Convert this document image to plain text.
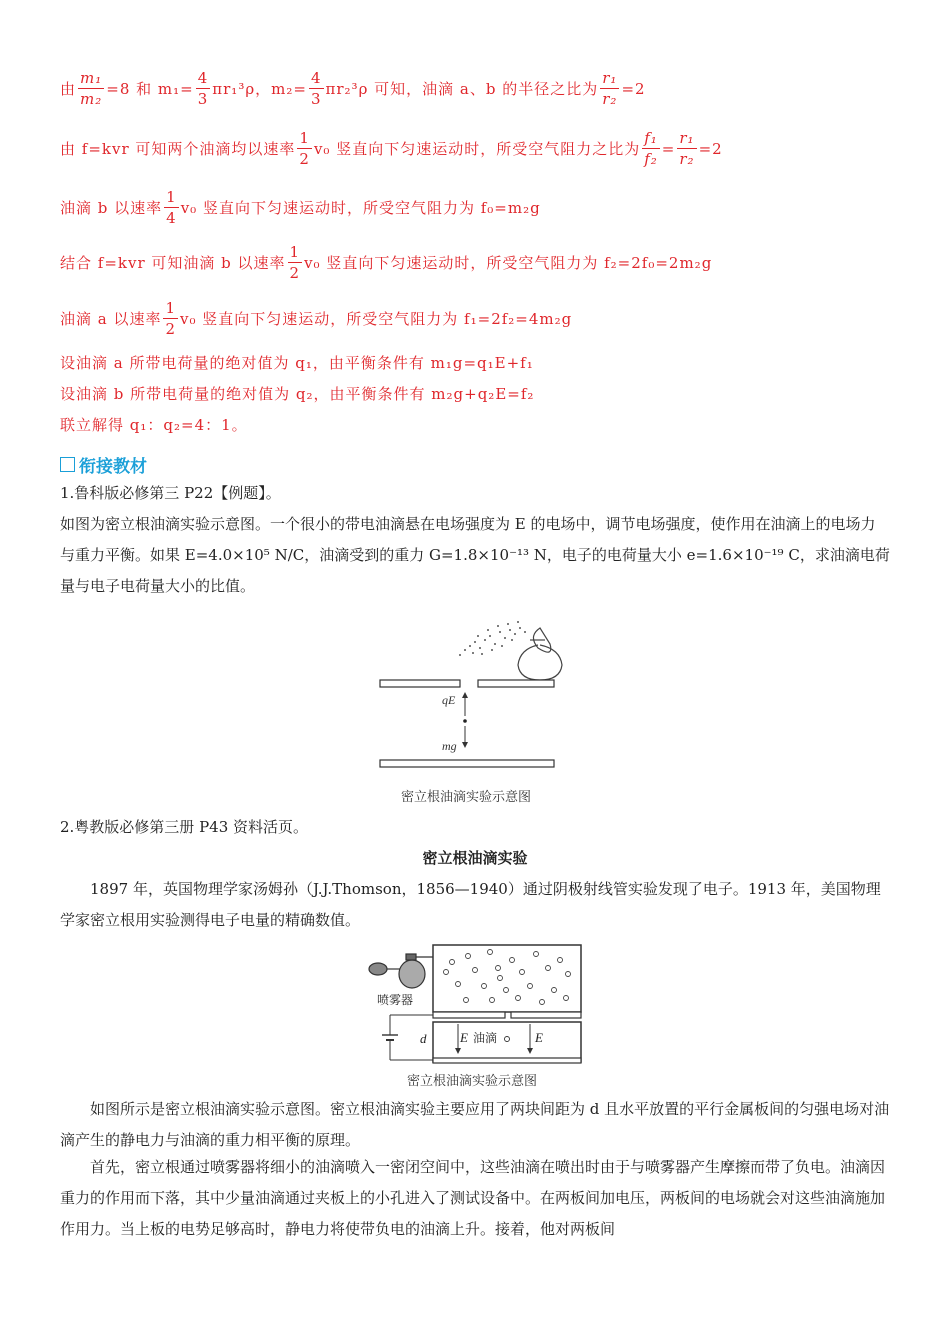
由 $\frac{\text{m₁}}{\text{m₂}} =8$ 和 $m_1= \frac{4}{3} \pi r_1^3\rho$，$m_2= \frac{4}{3} \pi r_2^3\rho$ 可知，油滴 a、b 的半径之比为 $\frac{\text{r₁}}{\text{r₂}} =2$
由 f=kvr 可知两个油滴均以速率 $\frac{1}{2} v_0$ 竖直向下匀速运动时，所受空气阻力之比为 $\frac{\text{f₁}}{\text{f₂}} = \frac{\text{r₁}}{\text{r₂}} =2$
油滴 b 以速率 $\frac{1}{4} v_0$ 竖直向下匀速运动时，所受空气阻力为 f₀=m₂g
结合 f=kvr 可知油滴 b 以速率 $\frac{1}{2} v_0$ 竖直向下匀速运动时，所受空气阻力为 f₂=2f₀=2m₂g
油滴 a 以速率 $\frac{1}{2} v_0$ 竖直向下匀速运动，所受空气阻力为 f₁=2f₂=4m₂g
设油滴 a 所带电荷量的绝对值为 q₁，由平衡条件有 m₁g=q₁E+f₁
设油滴 b 所带电荷量的绝对值为 q₂，由平衡条件有 m₂g+q₂E=f₂
联立解得 q₁：q₂=4：1。
衔接教材
1.鲁科版必修第三 P22【例题】。
如图为密立根油滴实验示意图。一个很小的带电油滴悬在电场强度为 E 的电场中，调节电场强度，使作用在油滴上的电场力与重力平衡。如果 E=4.0×10⁵ N/C，油滴受到的重力 G=1.8×10⁻¹³ N，电子的电荷量大小 e=1.6×10⁻¹⁹ C，求油滴电荷量与电子电荷量大小的比值。
qE
mg
密立根油滴实验示意图
2.粤教版必修第三册 P43 资料活页。
密立根油滴实验
1897 年，英国物理学家汤姆孙（J.J.Thomson，1856—1940）通过阴极射线管实验发现了电子。1913 年，美国物理学家密立根用实验测得电子电量的精确数值。
喷雾器
E	E
油滴
d
密立根油滴实验示意图
如图所示是密立根油滴实验示意图。密立根油滴实验主要应用了两块间距为 d 且水平放置的平行金属板间的匀强电场对油滴产生的静电力与油滴的重力相平衡的原理。
首先，密立根通过喷雾器将细小的油滴喷入一密闭空间中，这些油滴在喷出时由于与喷雾器产生摩擦而带了负电。油滴因重力的作用而下落，其中少量油滴通过夹板上的小孔进入了测试设备中。在两板间加电压，两板间的电场就会对这些油滴施加作用力。当上板的电势足够高时，静电力将使带负电的油滴上升。接着，他对两板间
